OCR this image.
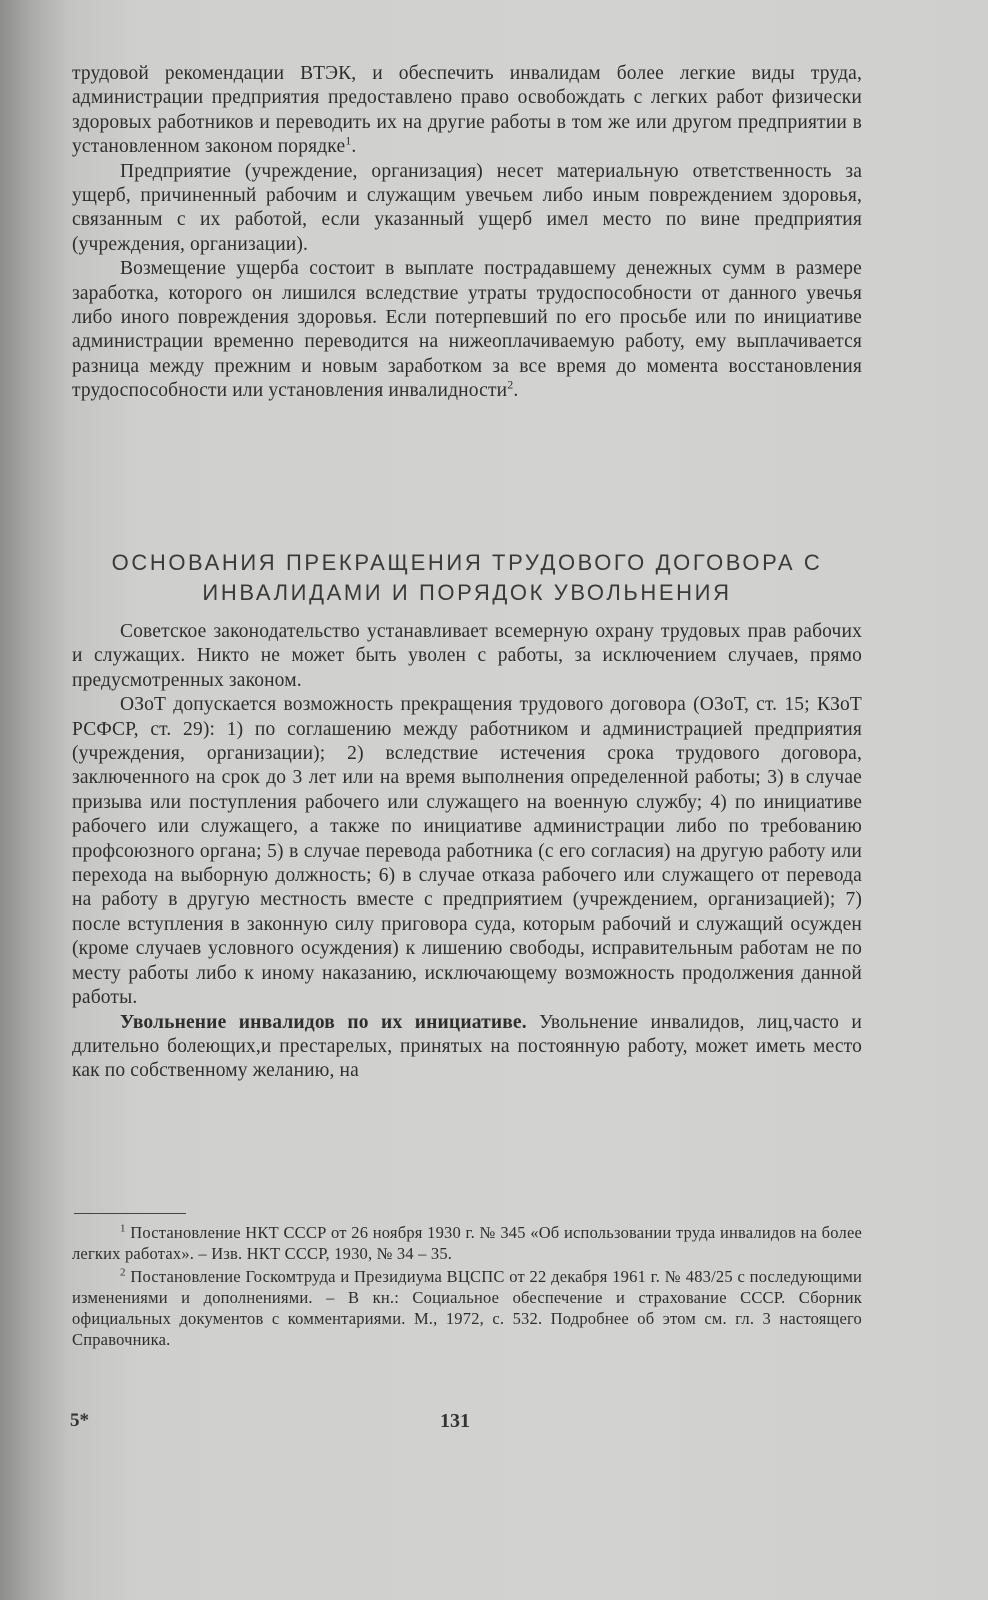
трудовой рекомендации ВТЭК, и обеспечить инвалидам более легкие виды труда, администрации предприятия предоставлено право освобождать с легких работ физически здоровых работников и переводить их на другие работы в том же или другом предприятии в установленном законом порядке$^1$.

Предприятие (учреждение, организация) несет материальную ответственность за ущерб, причиненный рабочим и служащим увечьем либо иным повреждением здоровья, связанным с их работой, если указанный ущерб имел место по вине предприятия (учреждения, организации).

Возмещение ущерба состоит в выплате пострадавшему денежных сумм в размере заработка, которого он лишился вследствие утраты трудоспособности от данного увечья либо иного повреждения здоровья. Если потерпевший по его просьбе или по инициативе администрации временно переводится на нижеоплачиваемую работу, ему выплачивается разница между прежним и новым заработком за все время до момента восстановления трудоспособности или установления инвалидности$^2$.

ОСНОВАНИЯ ПРЕКРАЩЕНИЯ ТРУДОВОГО ДОГОВОРА С
ИНВАЛИДАМИ И ПОРЯДОК УВОЛЬНЕНИЯ

Советское законодательство устанавливает всемерную охрану трудовых прав рабочих и служащих. Никто не может быть уволен с работы, за исключением случаев, прямо предусмотренных законом.

ОЗоТ допускается возможность прекращения трудового договора (ОЗоТ, ст. 15; КЗоТ РСФСР, ст. 29): 1) по соглашению между работником и администрацией предприятия (учреждения, организации); 2) вследствие истечения срока трудового договора, заключенного на срок до 3 лет или на время выполнения определенной работы; 3) в случае призыва или поступления рабочего или служащего на военную службу; 4) по инициативе рабочего или служащего, а также по инициативе администрации либо по требованию профсоюзного органа; 5) в случае перевода работника (с его согласия) на другую работу или перехода на выборную должность; 6) в случае отказа рабочего или служащего от перевода на работу в другую местность вместе с предприятием (учреждением, организацией); 7) после вступления в законную силу приговора суда, которым рабочий и служащий осужден (кроме случаев условного осуждения) к лишению свободы, исправительным работам не по месту работы либо к иному наказанию, исключающему возможность продолжения данной работы.

Увольнение инвалидов по их инициативе. Увольнение инвалидов, лиц,часто и длительно болеющих,и престарелых, принятых на постоянную работу, может иметь место как по собственному желанию, на

$^1$ Постановление НКТ СССР от 26 ноября 1930 г. № 345 «Об использовании труда инвалидов на более легких работах». – Изв. НКТ СССР, 1930, № 34 – 35.

$^2$ Постановление Госкомтруда и Президиума ВЦСПС от 22 декабря 1961 г. № 483/25 с последующими изменениями и дополнениями. – В кн.: Социальное обеспечение и страхование СССР. Сборник официальных документов с комментариями. М., 1972, с. 532. Подробнее об этом см. гл. 3 настоящего Справочника.

5*	131
